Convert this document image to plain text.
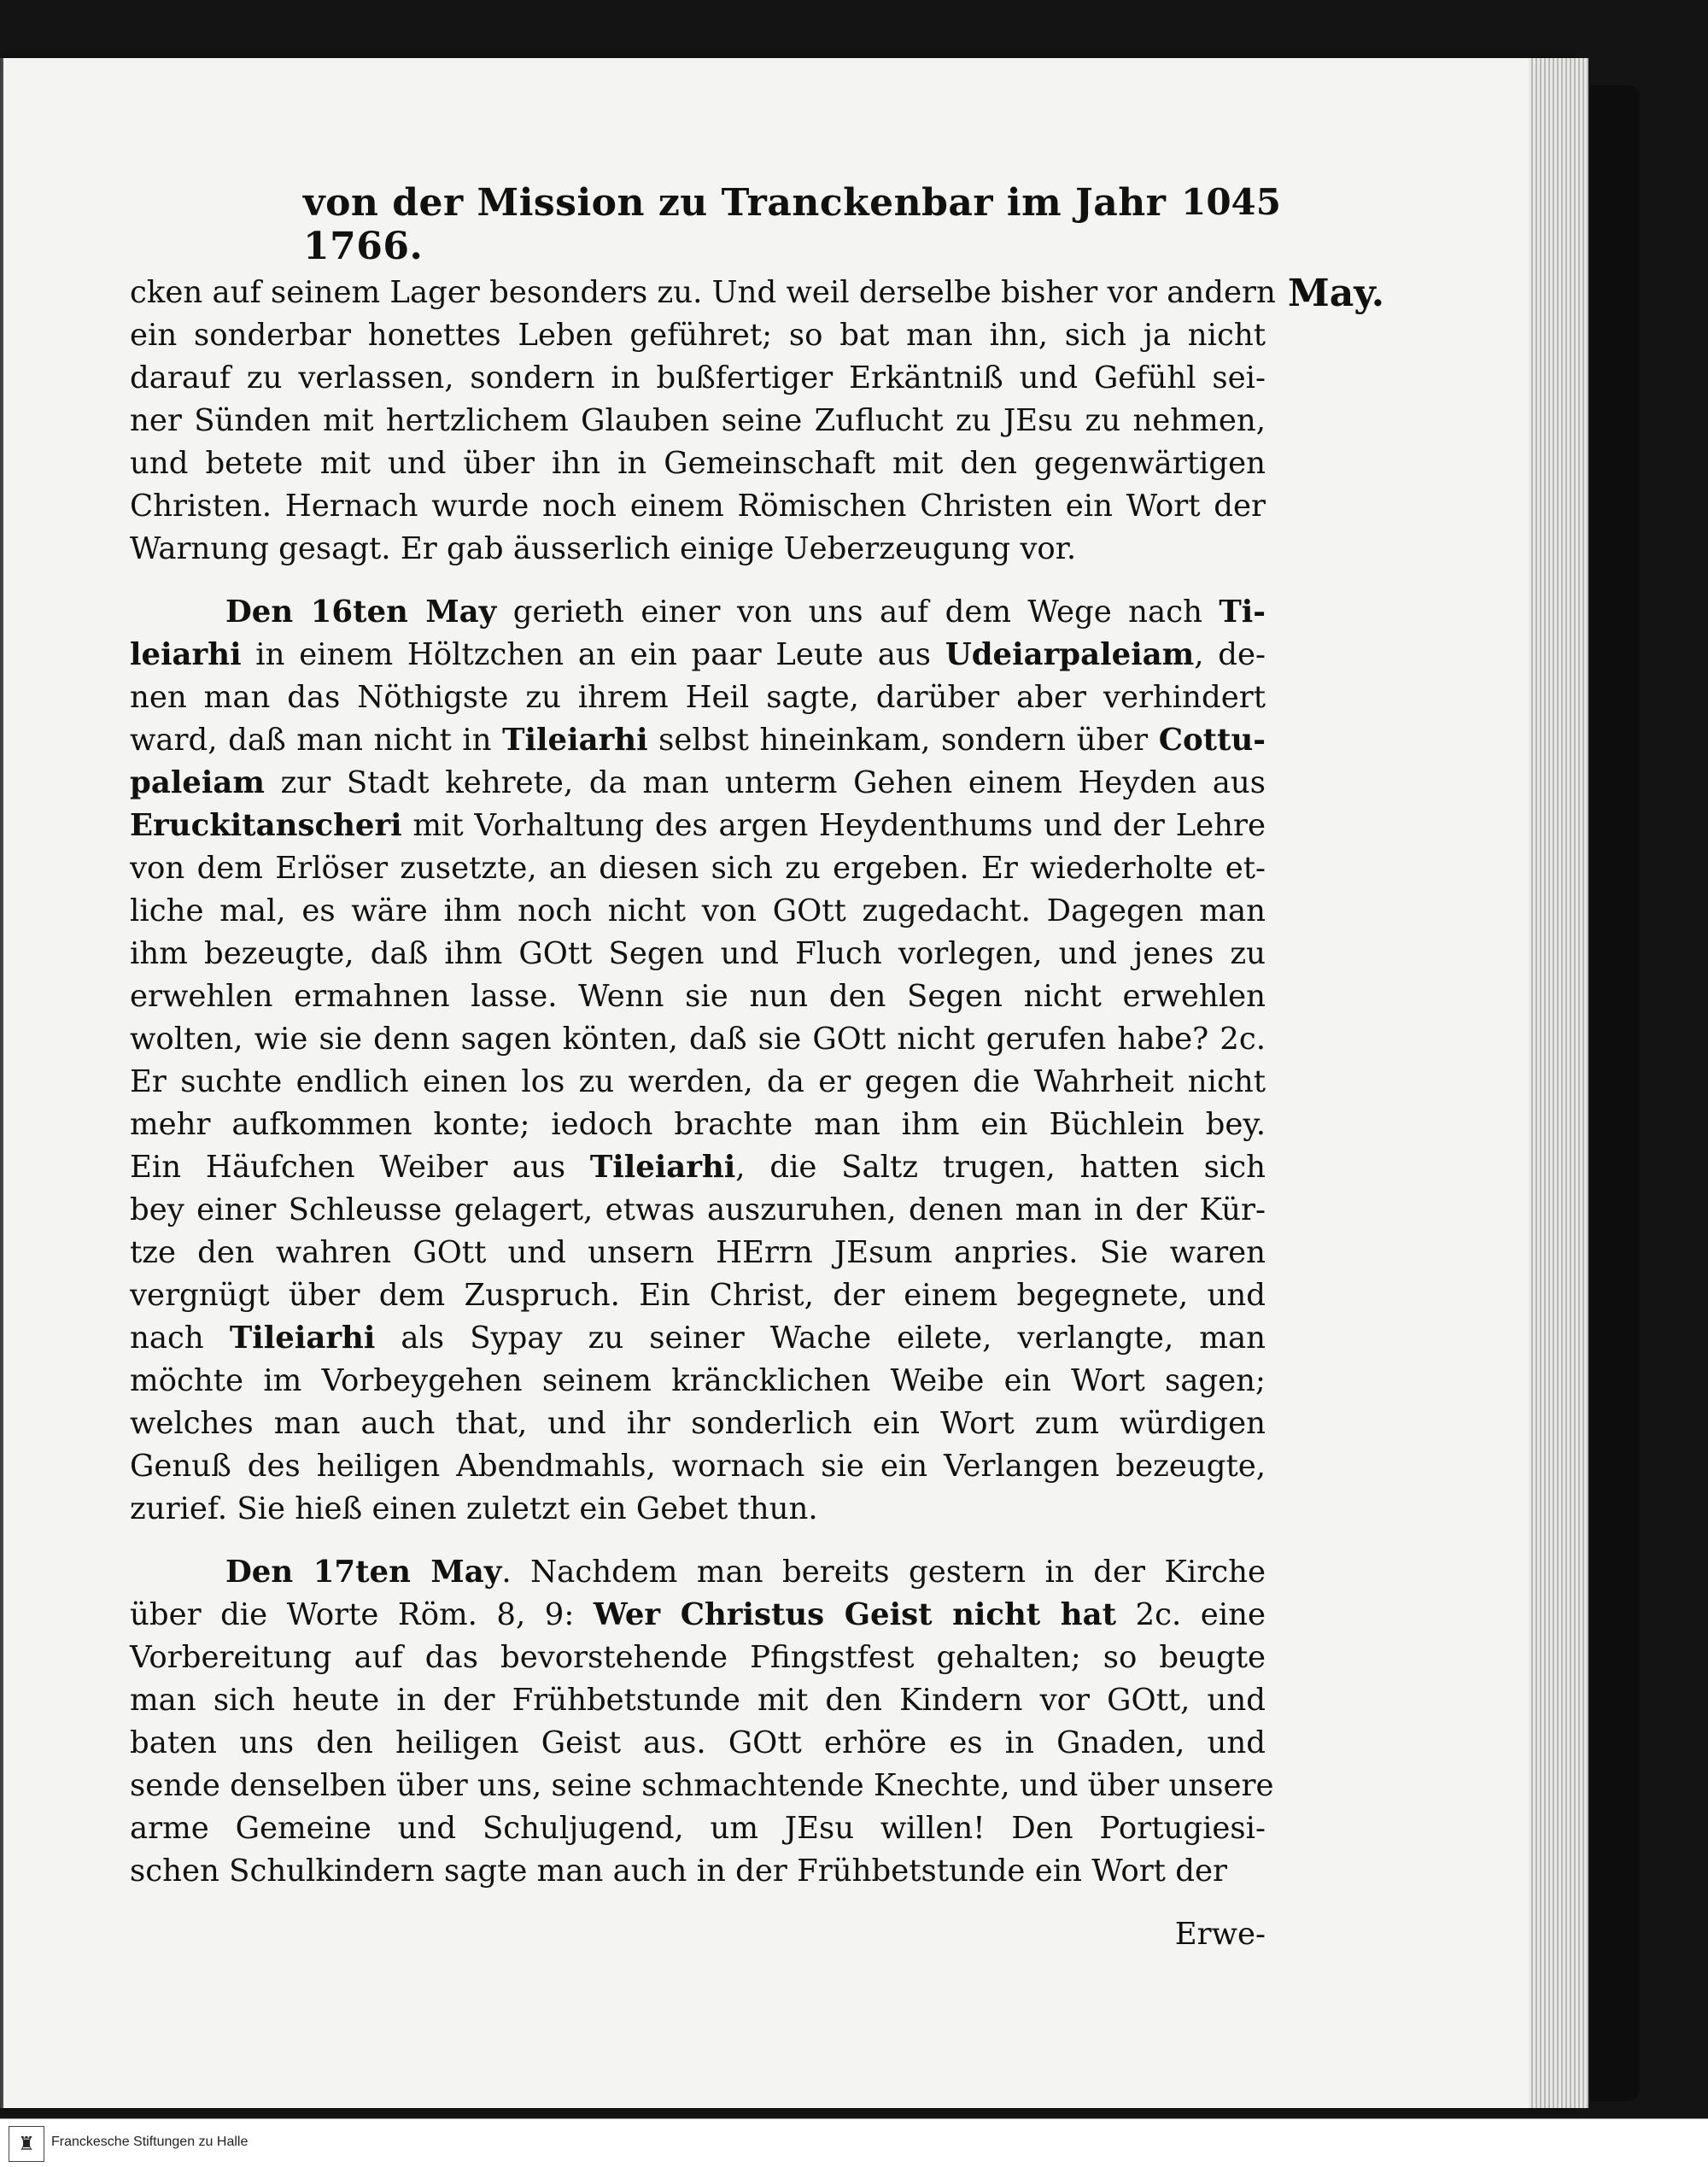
von der Mission zu Tranckenbar im Jahr 1766.
1045
May.
cken auf seinem Lager besonders zu. Und weil derselbe bisher vor andern
ein sonderbar honettes Leben geführet; so bat man ihn, sich ja nicht
darauf zu verlassen, sondern in bußfertiger Erkäntniß und Gefühl sei-
ner Sünden mit hertzlichem Glauben seine Zuflucht zu JEsu zu nehmen,
und betete mit und über ihn in Gemeinschaft mit den gegenwärtigen
Christen. Hernach wurde noch einem Römischen Christen ein Wort der
Warnung gesagt. Er gab äusserlich einige Ueberzeugung vor.
Den 16ten May gerieth einer von uns auf dem Wege nach Ti-
leiarhi in einem Höltzchen an ein paar Leute aus Udeiarpaleiam, de-
nen man das Nöthigste zu ihrem Heil sagte, darüber aber verhindert
ward, daß man nicht in Tileiarhi selbst hineinkam, sondern über Cottu-
paleiam zur Stadt kehrete, da man unterm Gehen einem Heyden aus
Eruckitanscheri mit Vorhaltung des argen Heydenthums und der Lehre
von dem Erlöser zusetzte, an diesen sich zu ergeben. Er wiederholte et-
liche mal, es wäre ihm noch nicht von GOtt zugedacht. Dagegen man
ihm bezeugte, daß ihm GOtt Segen und Fluch vorlegen, und jenes zu
erwehlen ermahnen lasse. Wenn sie nun den Segen nicht erwehlen
wolten, wie sie denn sagen könten, daß sie GOtt nicht gerufen habe? 2c.
Er suchte endlich einen los zu werden, da er gegen die Wahrheit nicht
mehr aufkommen konte; iedoch brachte man ihm ein Büchlein bey.
Ein Häufchen Weiber aus Tileiarhi, die Saltz trugen, hatten sich
bey einer Schleusse gelagert, etwas auszuruhen, denen man in der Kür-
tze den wahren GOtt und unsern HErrn JEsum anpries. Sie waren
vergnügt über dem Zuspruch. Ein Christ, der einem begegnete, und
nach Tileiarhi als Sypay zu seiner Wache eilete, verlangte, man
möchte im Vorbeygehen seinem kräncklichen Weibe ein Wort sagen;
welches man auch that, und ihr sonderlich ein Wort zum würdigen
Genuß des heiligen Abendmahls, wornach sie ein Verlangen bezeugte,
zurief. Sie hieß einen zuletzt ein Gebet thun.
Den 17ten May. Nachdem man bereits gestern in der Kirche
über die Worte Röm. 8, 9: Wer Christus Geist nicht hat 2c. eine
Vorbereitung auf das bevorstehende Pfingstfest gehalten; so beugte
man sich heute in der Frühbetstunde mit den Kindern vor GOtt, und
baten uns den heiligen Geist aus. GOtt erhöre es in Gnaden, und
sende denselben über uns, seine schmachtende Knechte, und über unsere
arme Gemeine und Schuljugend, um JEsu willen! Den Portugiesi-
schen Schulkindern sagte man auch in der Frühbetstunde ein Wort der
Erwe-
♜	Franckesche Stiftungen zu Halle
